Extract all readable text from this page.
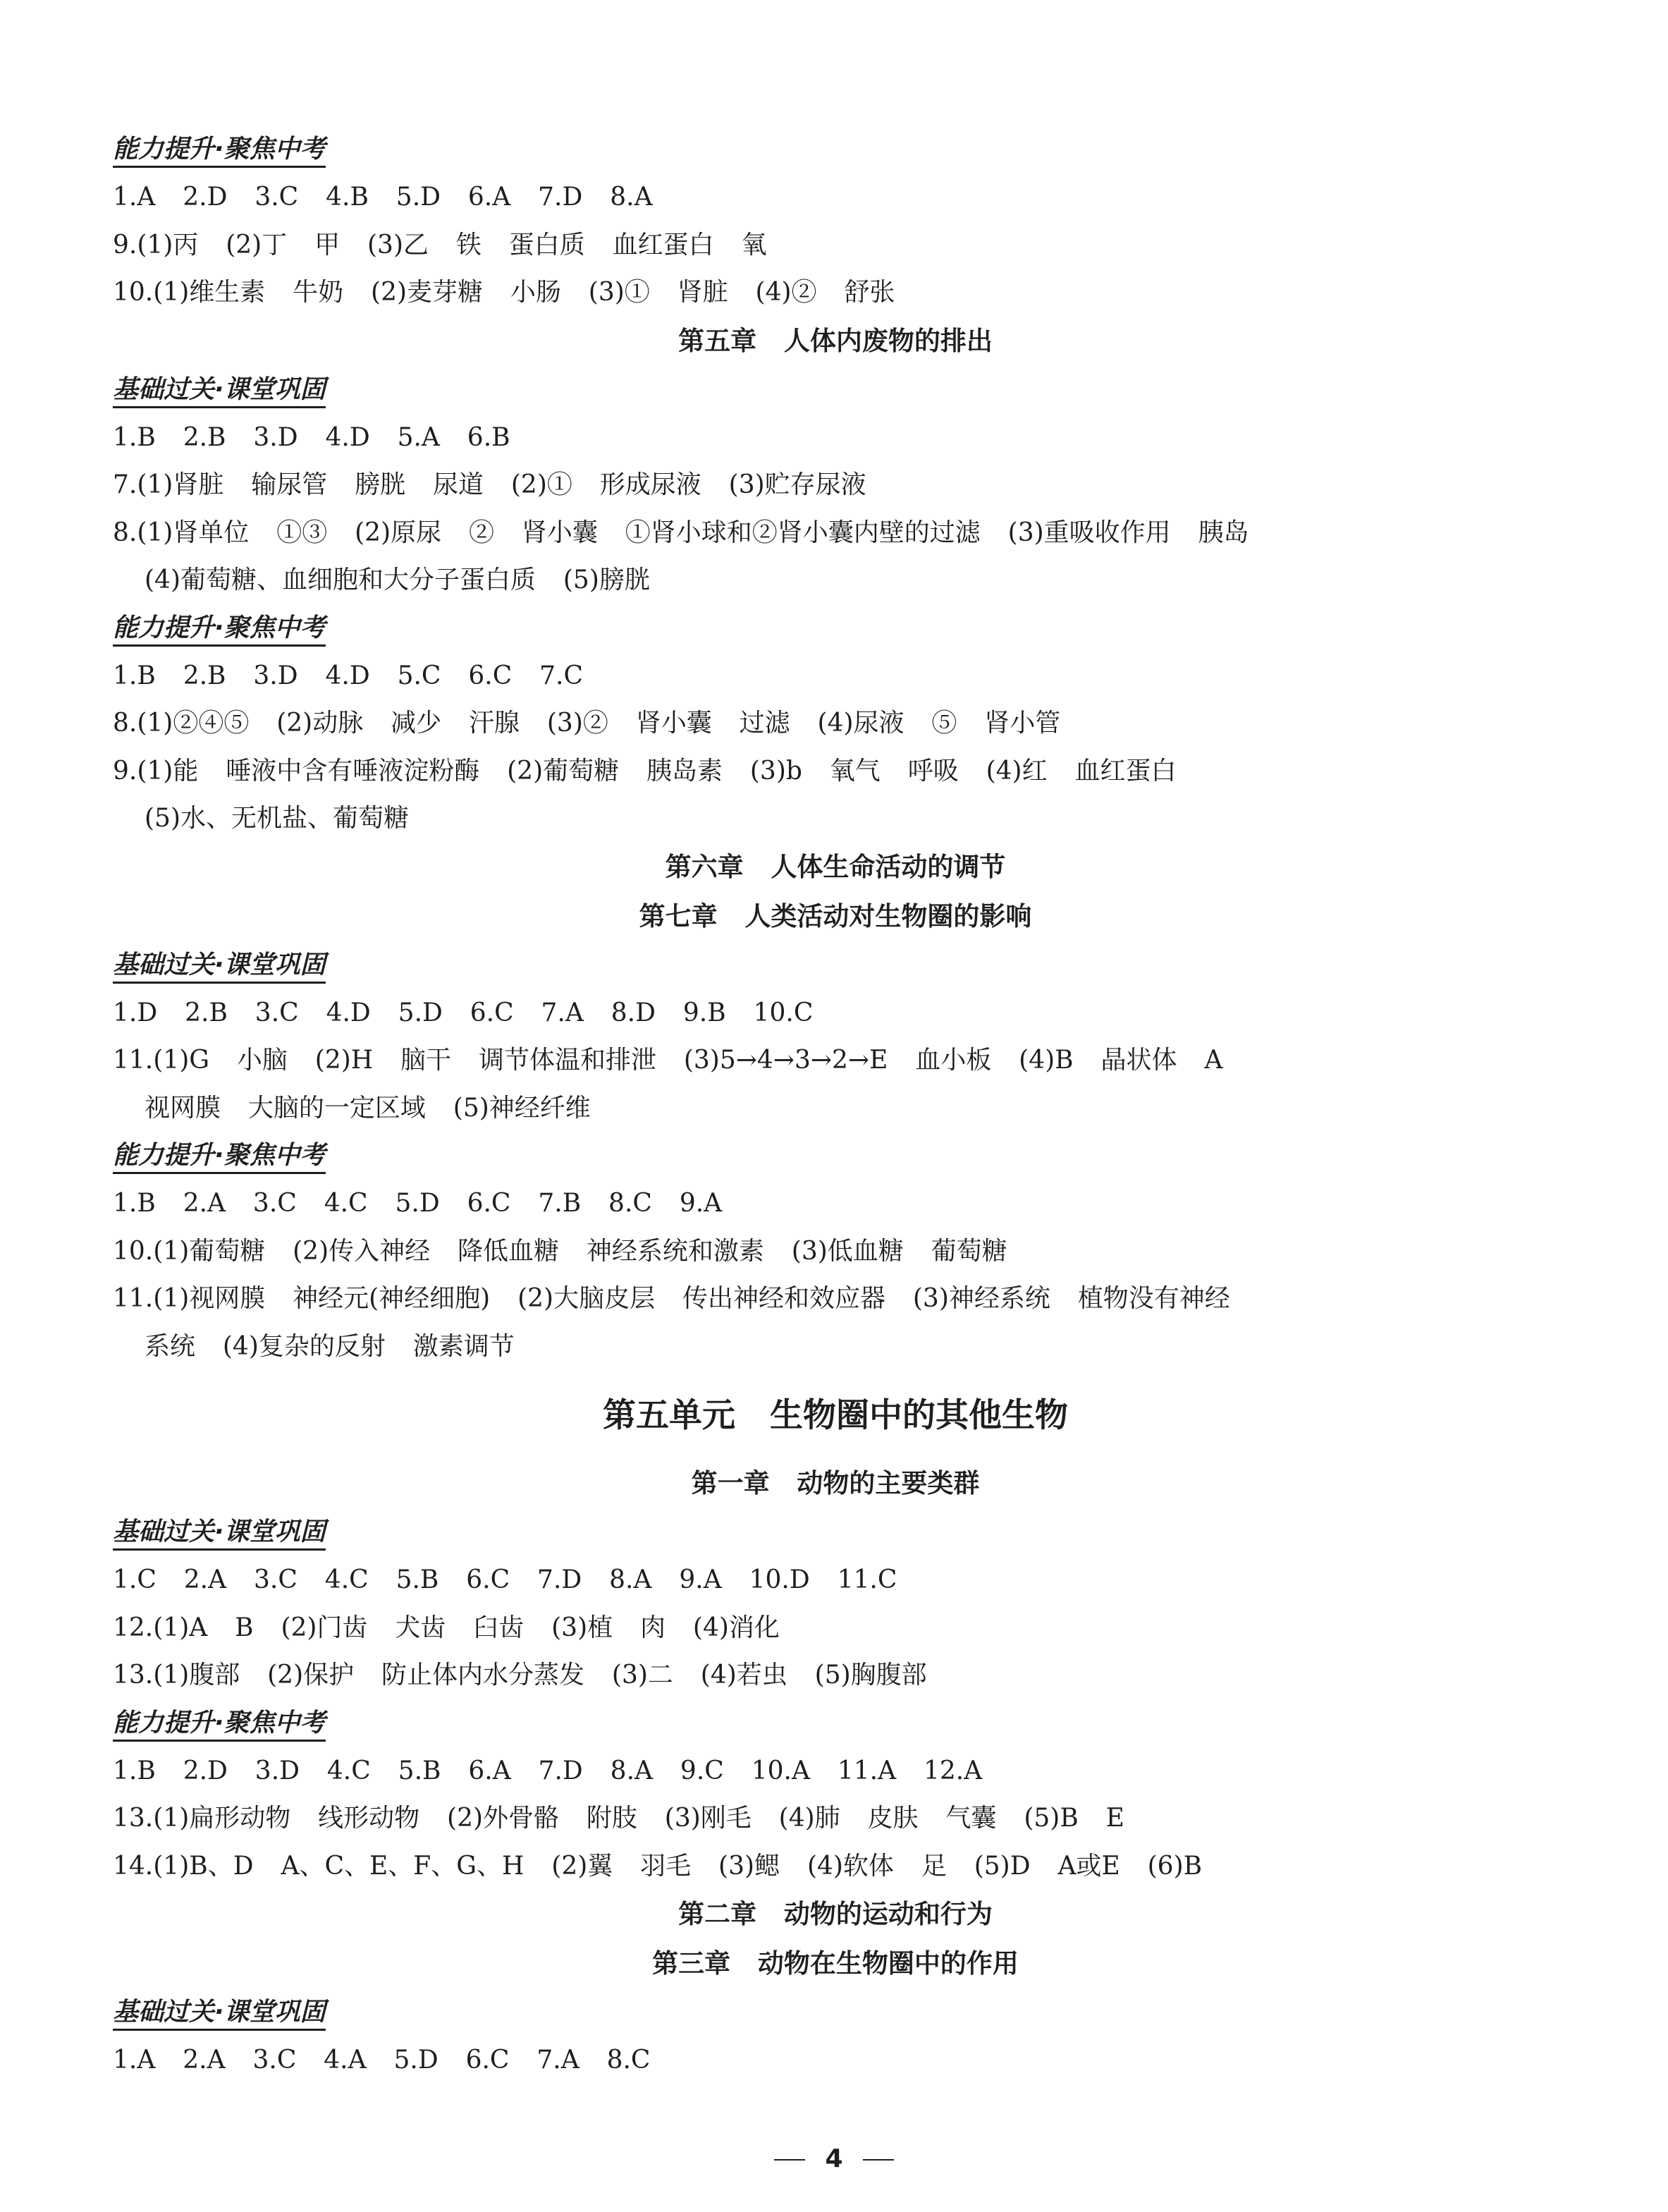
能力提升·聚焦中考
1.A  2.D  3.C  4.B  5.D  6.A  7.D  8.A
9.(1)丙  (2)丁  甲  (3)乙  铁  蛋白质  血红蛋白  氧
10.(1)维生素  牛奶  (2)麦芽糖  小肠  (3)①  肾脏  (4)②  舒张
第五章   人体内废物的排出
基础过关·课堂巩固
1.B  2.B  3.D  4.D  5.A  6.B
7.(1)肾脏  输尿管  膀胱  尿道  (2)①  形成尿液  (3)贮存尿液
8.(1)肾单位  ①③  (2)原尿  ②  肾小囊  ①肾小球和②肾小囊内壁的过滤  (3)重吸收作用  胰岛
(4)葡萄糖、血细胞和大分子蛋白质  (5)膀胱
能力提升·聚焦中考
1.B  2.B  3.D  4.D  5.C  6.C  7.C
8.(1)②④⑤  (2)动脉  减少  汗腺  (3)②  肾小囊  过滤  (4)尿液  ⑤  肾小管
9.(1)能  唾液中含有唾液淀粉酶  (2)葡萄糖  胰岛素  (3)b  氧气  呼吸  (4)红  血红蛋白
(5)水、无机盐、葡萄糖
第六章   人体生命活动的调节
第七章   人类活动对生物圈的影响
基础过关·课堂巩固
1.D  2.B  3.C  4.D  5.D  6.C  7.A  8.D  9.B  10.C
11.(1)G  小脑  (2)H  脑干  调节体温和排泄  (3)5→4→3→2→E  血小板  (4)B  晶状体  A
视网膜  大脑的一定区域  (5)神经纤维
能力提升·聚焦中考
1.B  2.A  3.C  4.C  5.D  6.C  7.B  8.C  9.A
10.(1)葡萄糖  (2)传入神经  降低血糖  神经系统和激素  (3)低血糖  葡萄糖
11.(1)视网膜  神经元(神经细胞)  (2)大脑皮层  传出神经和效应器  (3)神经系统  植物没有神经
系统  (4)复杂的反射  激素调节
第五单元   生物圈中的其他生物
第一章   动物的主要类群
基础过关·课堂巩固
1.C  2.A  3.C  4.C  5.B  6.C  7.D  8.A  9.A  10.D  11.C
12.(1)A  B  (2)门齿  犬齿  臼齿  (3)植  肉  (4)消化
13.(1)腹部  (2)保护  防止体内水分蒸发  (3)二  (4)若虫  (5)胸腹部
能力提升·聚焦中考
1.B  2.D  3.D  4.C  5.B  6.A  7.D  8.A  9.C  10.A  11.A  12.A
13.(1)扁形动物  线形动物  (2)外骨骼  附肢  (3)刚毛  (4)肺  皮肤  气囊  (5)B  E
14.(1)B、D  A、C、E、F、G、H  (2)翼  羽毛  (3)鳃  (4)软体  足  (5)D  A或E  (6)B
第二章   动物的运动和行为
第三章   动物在生物圈中的作用
基础过关·课堂巩固
1.A  2.A  3.C  4.A  5.D  6.C  7.A  8.C
4
